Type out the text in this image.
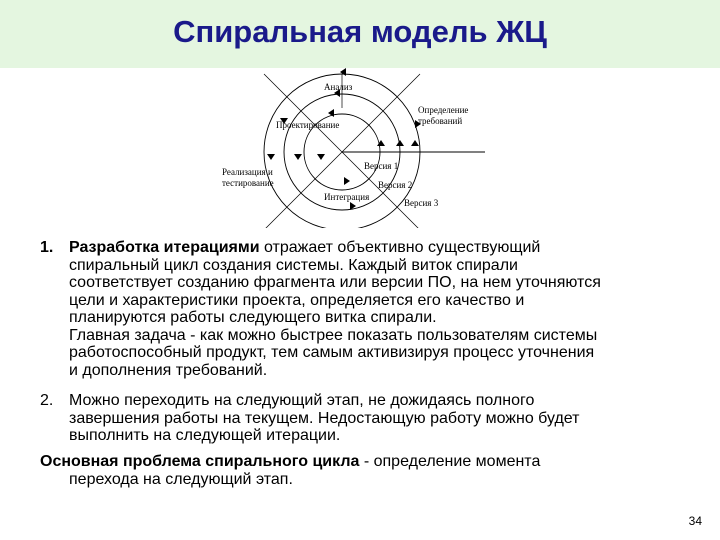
Спиральная модель ЖЦ
Анализ
Определение
требований
Проектирование
Реализация и
тестирование
Интеграция
Версия 1
Версия 2
Версия 3
1. Разработка итерациями отражает объективно существующий
спиральный цикл создания системы. Каждый виток спирали
соответствует созданию фрагмента или версии ПО, на нем уточняются
цели и характеристики проекта, определяется его качество и
планируются работы следующего витка спирали.
Главная задача - как можно быстрее показать пользователям системы
работоспособный продукт, тем самым активизируя процесс уточнения
и дополнения требований.
2. Можно переходить на следующий этап, не дожидаясь полного
завершения работы на текущем. Недостающую работу можно будет
выполнить на следующей итерации.
Основная проблема спирального цикла - определение момента
перехода на следующий этап.
34
